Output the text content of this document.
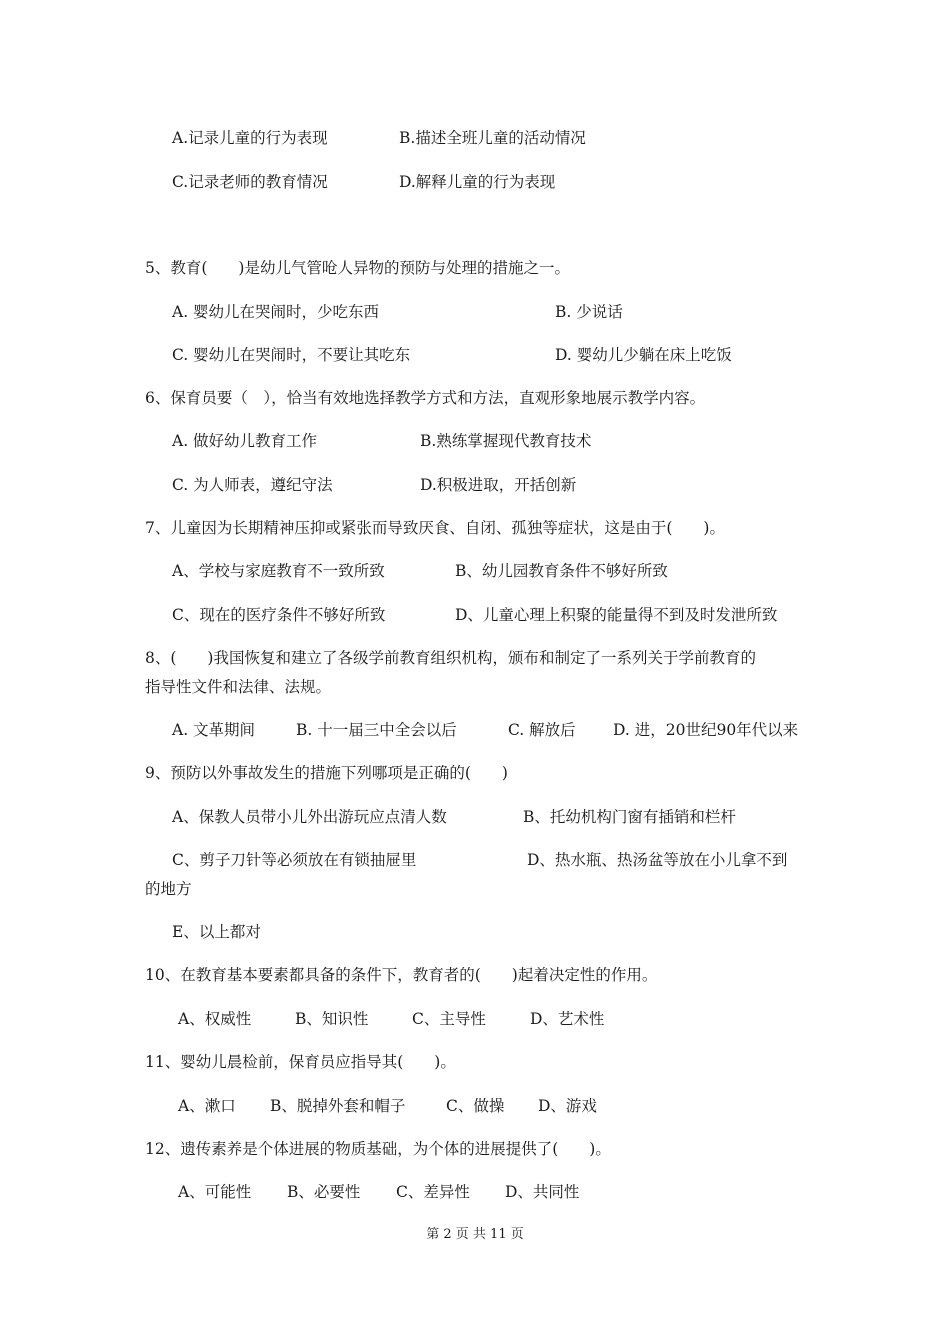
A.记录儿童的行为表现	B.描述全班儿童的活动情况
C.记录老师的教育情况	D.解释儿童的行为表现
5、教育(　　)是幼儿气管呛人异物的预防与处理的措施之一。
A. 婴幼儿在哭闹时，少吃东西	B. 少说话
C. 婴幼儿在哭闹时，不要让其吃东	D. 婴幼儿少躺在床上吃饭
6、保育员要（　），恰当有效地选择教学方式和方法，直观形象地展示教学内容。
A. 做好幼儿教育工作	B.熟练掌握现代教育技术
C. 为人师表，遵纪守法	D.积极进取，开括创新
7、儿童因为长期精神压抑或紧张而导致厌食、自闭、孤独等症状，这是由于(　　)。
A、学校与家庭教育不一致所致	B、幼儿园教育条件不够好所致
C、现在的医疗条件不够好所致	D、儿童心理上积聚的能量得不到及时发泄所致
8、(　　)我国恢复和建立了各级学前教育组织机构，颁布和制定了一系列关于学前教育的
指导性文件和法律、法规。
A. 文革期间	B. 十一届三中全会以后	C. 解放后 D. 进，20世纪90年代以来
9、预防以外事故发生的措施下列哪项是正确的(　　)
A、保教人员带小儿外出游玩应点清人数	B、托幼机构门窗有插销和栏杆
C、剪子刀针等必须放在有锁抽屉里	D、热水瓶、热汤盆等放在小儿拿不到
的地方
E、以上都对
10、在教育基本要素都具备的条件下，教育者的(　　)起着决定性的作用。
A、权威性	B、知识性	C、主导性	D、艺术性
11、婴幼儿晨检前，保育员应指导其(　　)。
A、漱口 B、脱掉外套和帽子	C、做操 D、游戏
12、遗传素养是个体进展的物质基础，为个体的进展提供了(　　)。
A、可能性 B、必要性 C、差异性 D、共同性
第 2 页 共 11 页
